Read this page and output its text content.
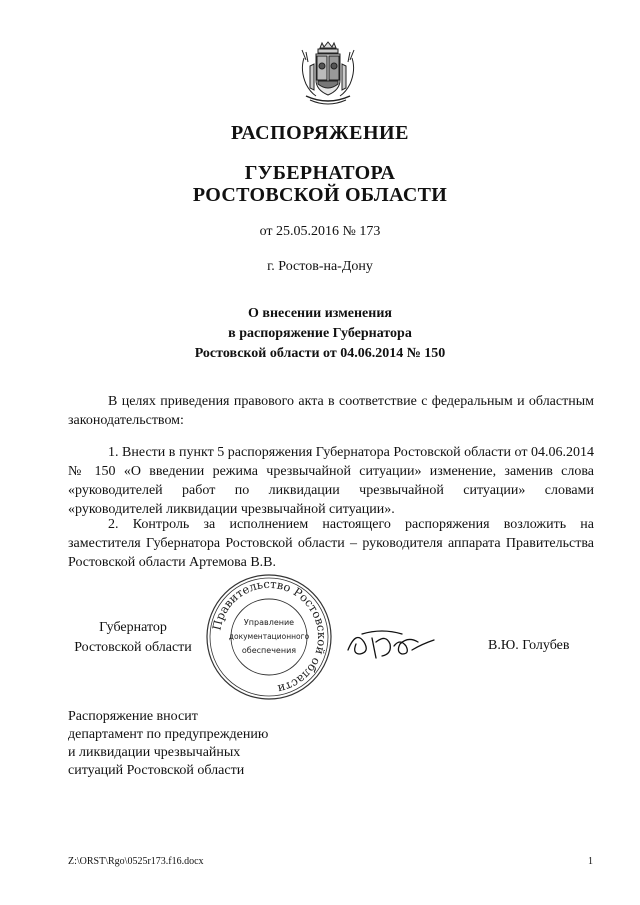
РАСПОРЯЖЕНИЕ
ГУБЕРНАТОРА
РОСТОВСКОЙ ОБЛАСТИ
от 25.05.2016 № 173
г. Ростов-на-Дону
О внесении изменения
в распоряжение Губернатора
Ростовской области от 04.06.2014 № 150
В целях приведения правового акта в соответствие с федеральным и областным законодательством:
1. Внести в пункт 5 распоряжения Губернатора Ростовской области от 04.06.2014 № 150 «О введении режима чрезвычайной ситуации» изменение, заменив слова «руководителей работ по ликвидации чрезвычайной ситуации» словами «руководителей ликвидации чрезвычайной ситуации».
2. Контроль за исполнением настоящего распоряжения возложить на заместителя Губернатора Ростовской области – руководителя аппарата Правительства Ростовской области Артемова В.В.
Губернатор
Ростовской области
Правительство Ростовской области
Управление
документационного
обеспечения	В.Ю. Голубев
Распоряжение вносит
департамент по предупреждению
и ликвидации чрезвычайных
ситуаций Ростовской области
Z:\ORST\Rgo\0525r173.f16.docx	1
